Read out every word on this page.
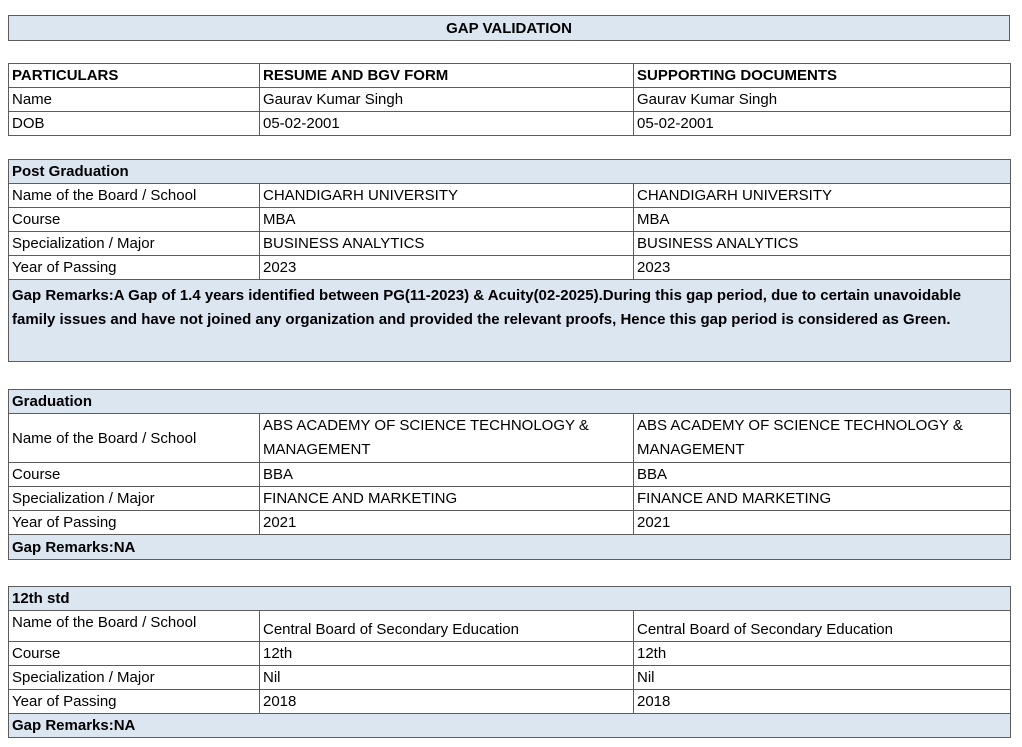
GAP VALIDATION
PARTICULARS	RESUME AND BGV FORM	SUPPORTING DOCUMENTS
Name	Gaurav Kumar Singh	Gaurav Kumar Singh
DOB	05-02-2001	05-02-2001
Post Graduation		
Name of the Board / School	CHANDIGARH UNIVERSITY	CHANDIGARH UNIVERSITY
Course	MBA	MBA
Specialization / Major	BUSINESS ANALYTICS	BUSINESS ANALYTICS
Year of Passing	2023	2023
Gap Remarks:A Gap of 1.4 years identified between PG(11-2023) & Acuity(02-2025).During this gap period, due to certain unavoidable family issues and have not joined any organization and provided the relevant proofs, Hence this gap period is considered as Green.		
Graduation		
Name of the Board / School	ABS ACADEMY OF SCIENCE TECHNOLOGY & MANAGEMENT	ABS ACADEMY OF SCIENCE TECHNOLOGY & MANAGEMENT
Course	BBA	BBA
Specialization / Major	FINANCE AND MARKETING	FINANCE AND MARKETING
Year of Passing	2021	2021
Gap Remarks:NA		
12th std		
Name of the Board / School	Central Board of Secondary Education	Central Board of Secondary Education
Course	12th	12th
Specialization / Major	Nil	Nil
Year of Passing	2018	2018
Gap Remarks:NA		
